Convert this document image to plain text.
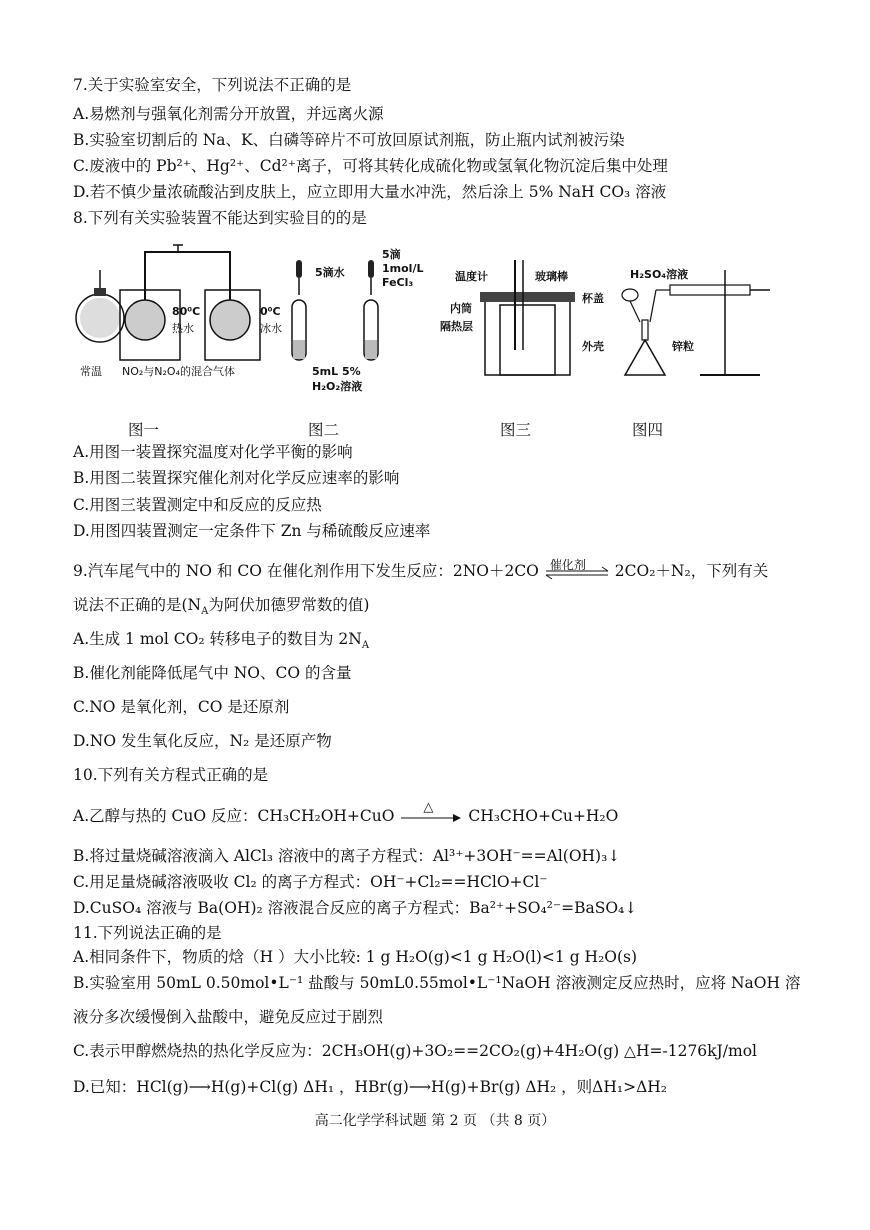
7.关于实验室安全，下列说法不正确的是
A.易燃剂与强氧化剂需分开放置，并远离火源
B.实验室切割后的 Na、K、白磷等碎片不可放回原试剂瓶，防止瓶内试剂被污染
C.废液中的 Pb²⁺、Hg²⁺、Cd²⁺离子，可将其转化成硫化物或氢氧化物沉淀后集中处理
D.若不慎少量浓硫酸沾到皮肤上，应立即用大量水冲洗，然后涂上 5% NaH CO₃ 溶液
8.下列有关实验装置不能达到实验目的的是
常温
80⁰C
热水
0⁰C
冰水
NO₂与N₂O₄的混合气体
5滴水
5滴
1mol/L
FeCl₃
5mL 5%
H₂O₂溶液
温度计	玻璃棒
杯盖
内筒
隔热层
外壳
H₂SO₄溶液
锌粒
图一	图二	图三	图四
A.用图一装置探究温度对化学平衡的影响
B.用图二装置探究催化剂对化学反应速率的影响
C.用图三装置测定中和反应的反应热
D.用图四装置测定一定条件下 Zn 与稀硫酸反应速率
9.汽车尾气中的 NO 和 CO 在催化剂作用下发生反应：2NO＋2CO 催化剂 2CO₂＋N₂，下列有关
说法不正确的是($N_A$为阿伏加德罗常数的值)
A.生成 1 mol CO₂ 转移电子的数目为 $2N_A$
B.催化剂能降低尾气中 NO、CO 的含量
C.NO 是氧化剂，CO 是还原剂
D.NO 发生氧化反应，N₂ 是还原产物
10.下列有关方程式正确的是
A.乙醇与热的 CuO 反应：CH₃CH₂OH+CuO △ CH₃CHO+Cu+H₂O
B.将过量烧碱溶液滴入 AlCl₃ 溶液中的离子方程式：Al³⁺+3OH⁻==Al(OH)₃↓
C.用足量烧碱溶液吸收 Cl₂ 的离子方程式：OH⁻+Cl₂==HClO+Cl⁻
D.CuSO₄ 溶液与 Ba(OH)₂ 溶液混合反应的离子方程式：Ba²⁺+SO₄²⁻=BaSO₄↓
11.下列说法正确的是
A.相同条件下，物质的焓（H ）大小比较: 1 g H₂O(g)<1 g H₂O(l)<1 g H₂O(s)
B.实验室用 50mL 0.50mol•L⁻¹ 盐酸与 50mL0.55mol•L⁻¹NaOH 溶液测定反应热时，应将 NaOH 溶
液分多次缓慢倒入盐酸中，避免反应过于剧烈
C.表示甲醇燃烧热的热化学反应为：2CH₃OH(g)+3O₂==2CO₂(g)+4H₂O(g) △H=-1276kJ/mol
D.已知：HCl(g)⟶H(g)+Cl(g) ΔH₁ ，HBr(g)⟶H(g)+Br(g) ΔH₂ ，则ΔH₁>ΔH₂
高二化学学科试题 第 2 页 （共 8 页）
